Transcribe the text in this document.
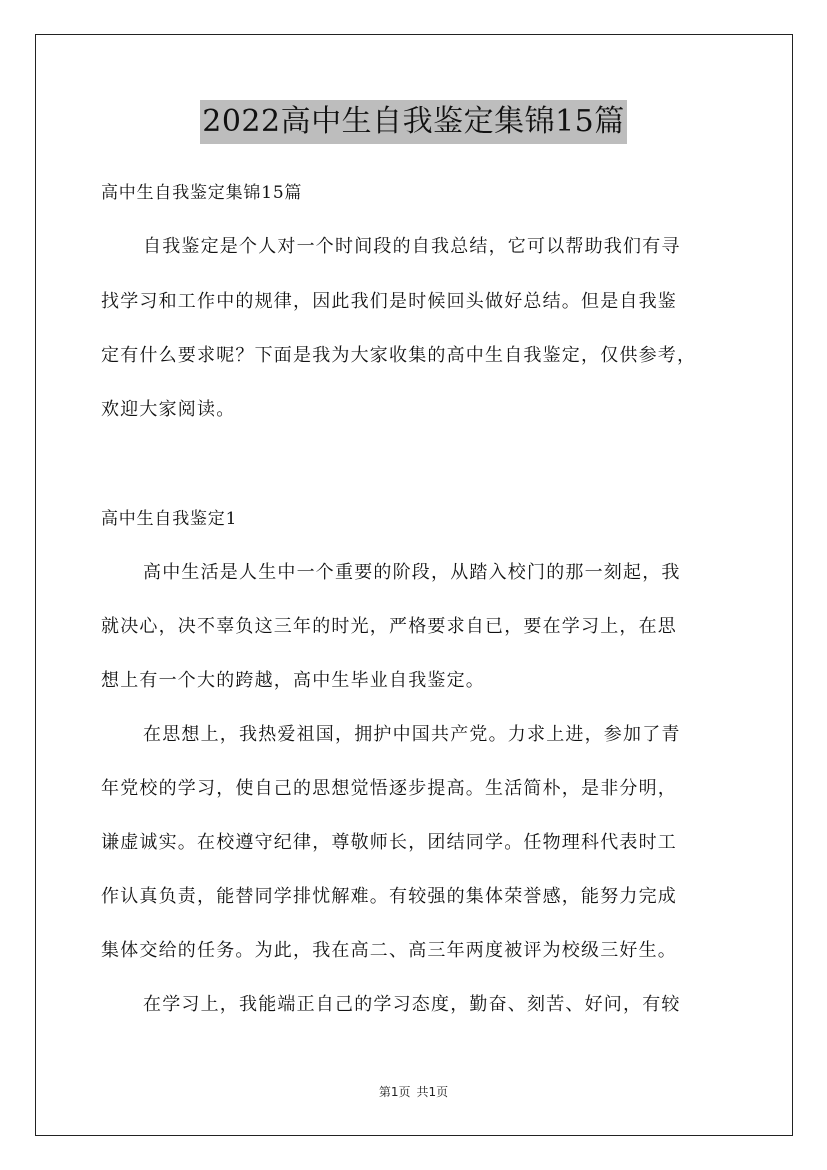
2022高中生自我鉴定集锦15篇
高中生自我鉴定集锦15篇
自我鉴定是个人对一个时间段的自我总结，它可以帮助我们有寻
找学习和工作中的规律，因此我们是时候回头做好总结。但是自我鉴
定有什么要求呢？下面是我为大家收集的高中生自我鉴定，仅供参考，
欢迎大家阅读。
高中生自我鉴定1
高中生活是人生中一个重要的阶段，从踏入校门的那一刻起，我
就决心，决不辜负这三年的时光，严格要求自已，要在学习上，在思
想上有一个大的跨越，高中生毕业自我鉴定。
在思想上，我热爱祖国，拥护中国共产党。力求上进，参加了青
年党校的学习，使自己的思想觉悟逐步提高。生活简朴，是非分明，
谦虚诚实。在校遵守纪律，尊敬师长，团结同学。任物理科代表时工
作认真负责，能替同学排忧解难。有较强的集体荣誉感，能努力完成
集体交给的任务。为此，我在高二、高三年两度被评为校级三好生。
在学习上，我能端正自己的学习态度，勤奋、刻苦、好问，有较
第1页 共1页
